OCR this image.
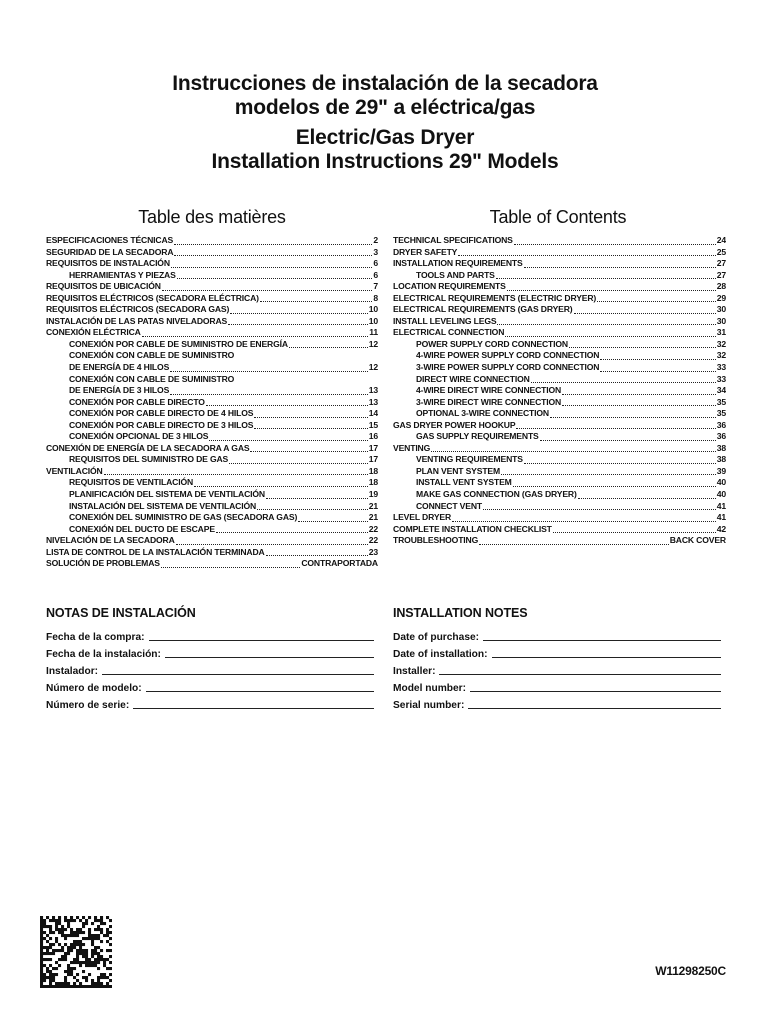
Instrucciones de instalación de la secadora
modelos de 29" a eléctrica/gas
Electric/Gas Dryer
Installation Instructions 29" Models
Table des matières	Table of Contents
ESPECIFICACIONES TÉCNICAS	2
SEGURIDAD DE LA SECADORA	3
REQUISITOS DE INSTALACIÓN	6
HERRAMIENTAS Y PIEZAS	6
REQUISITOS DE UBICACIÓN	7
REQUISITOS ELÉCTRICOS (SECADORA ELÉCTRICA)	8
REQUISITOS ELÉCTRICOS (SECADORA GAS)	10
INSTALACIÓN DE LAS PATAS NIVELADORAS	10
CONEXIÓN ELÉCTRICA	11
CONEXIÓN POR CABLE DE SUMINISTRO DE ENERGÍA	12
CONEXIÓN CON CABLE DE SUMINISTRO
DE ENERGÍA DE 4 HILOS	12
CONEXIÓN CON CABLE DE SUMINISTRO
DE ENERGÍA DE 3 HILOS	13
CONEXIÓN POR CABLE DIRECTO	13
CONEXIÓN POR CABLE DIRECTO DE 4 HILOS	14
CONEXIÓN POR CABLE DIRECTO DE 3 HILOS	15
CONEXIÓN OPCIONAL DE 3 HILOS	16
CONEXIÓN DE ENERGÍA DE LA SECADORA A GAS	17
REQUISITOS DEL SUMINISTRO DE GAS	17
VENTILACIÓN	18
REQUISITOS DE VENTILACIÓN	18
PLANIFICACIÓN DEL SISTEMA DE VENTILACIÓN	19
INSTALACIÓN DEL SISTEMA DE VENTILACIÓN	21
CONEXIÓN DEL SUMINISTRO DE GAS (SECADORA GAS)	21
CONEXIÓN DEL DUCTO DE ESCAPE	22
NIVELACIÓN DE LA SECADORA	22
LISTA DE CONTROL DE LA INSTALACIÓN TERMINADA	23
SOLUCIÓN DE PROBLEMAS	CONTRAPORTADA
TECHNICAL SPECIFICATIONS	24
DRYER SAFETY	25
INSTALLATION REQUIREMENTS	27
TOOLS AND PARTS	27
LOCATION REQUIREMENTS	28
ELECTRICAL REQUIREMENTS (ELECTRIC DRYER)	29
ELECTRICAL REQUIREMENTS (GAS DRYER)	30
INSTALL LEVELING LEGS	30
ELECTRICAL CONNECTION	31
POWER SUPPLY CORD CONNECTION	32
4-WIRE POWER SUPPLY CORD CONNECTION	32
3-WIRE POWER SUPPLY CORD CONNECTION	33
DIRECT WIRE CONNECTION	33
4-WIRE DIRECT WIRE CONNECTION	34
3-WIRE DIRECT WIRE CONNECTION	35
OPTIONAL 3-WIRE CONNECTION	35
GAS DRYER POWER HOOKUP	36
GAS SUPPLY REQUIREMENTS	36
VENTING	38
VENTING REQUIREMENTS	38
PLAN VENT SYSTEM	39
INSTALL VENT SYSTEM	40
MAKE GAS CONNECTION (GAS DRYER)	40
CONNECT VENT	41
LEVEL DRYER	41
COMPLETE INSTALLATION CHECKLIST	42
TROUBLESHOOTING	BACK COVER
NOTAS DE INSTALACIÓN	INSTALLATION NOTES
Fecha de la compra:
Fecha de la instalación:
Instalador:
Número de modelo:
Número de serie:
Date of purchase:
Date of installation:
Installer:
Model number:
Serial number:
W11298250C
